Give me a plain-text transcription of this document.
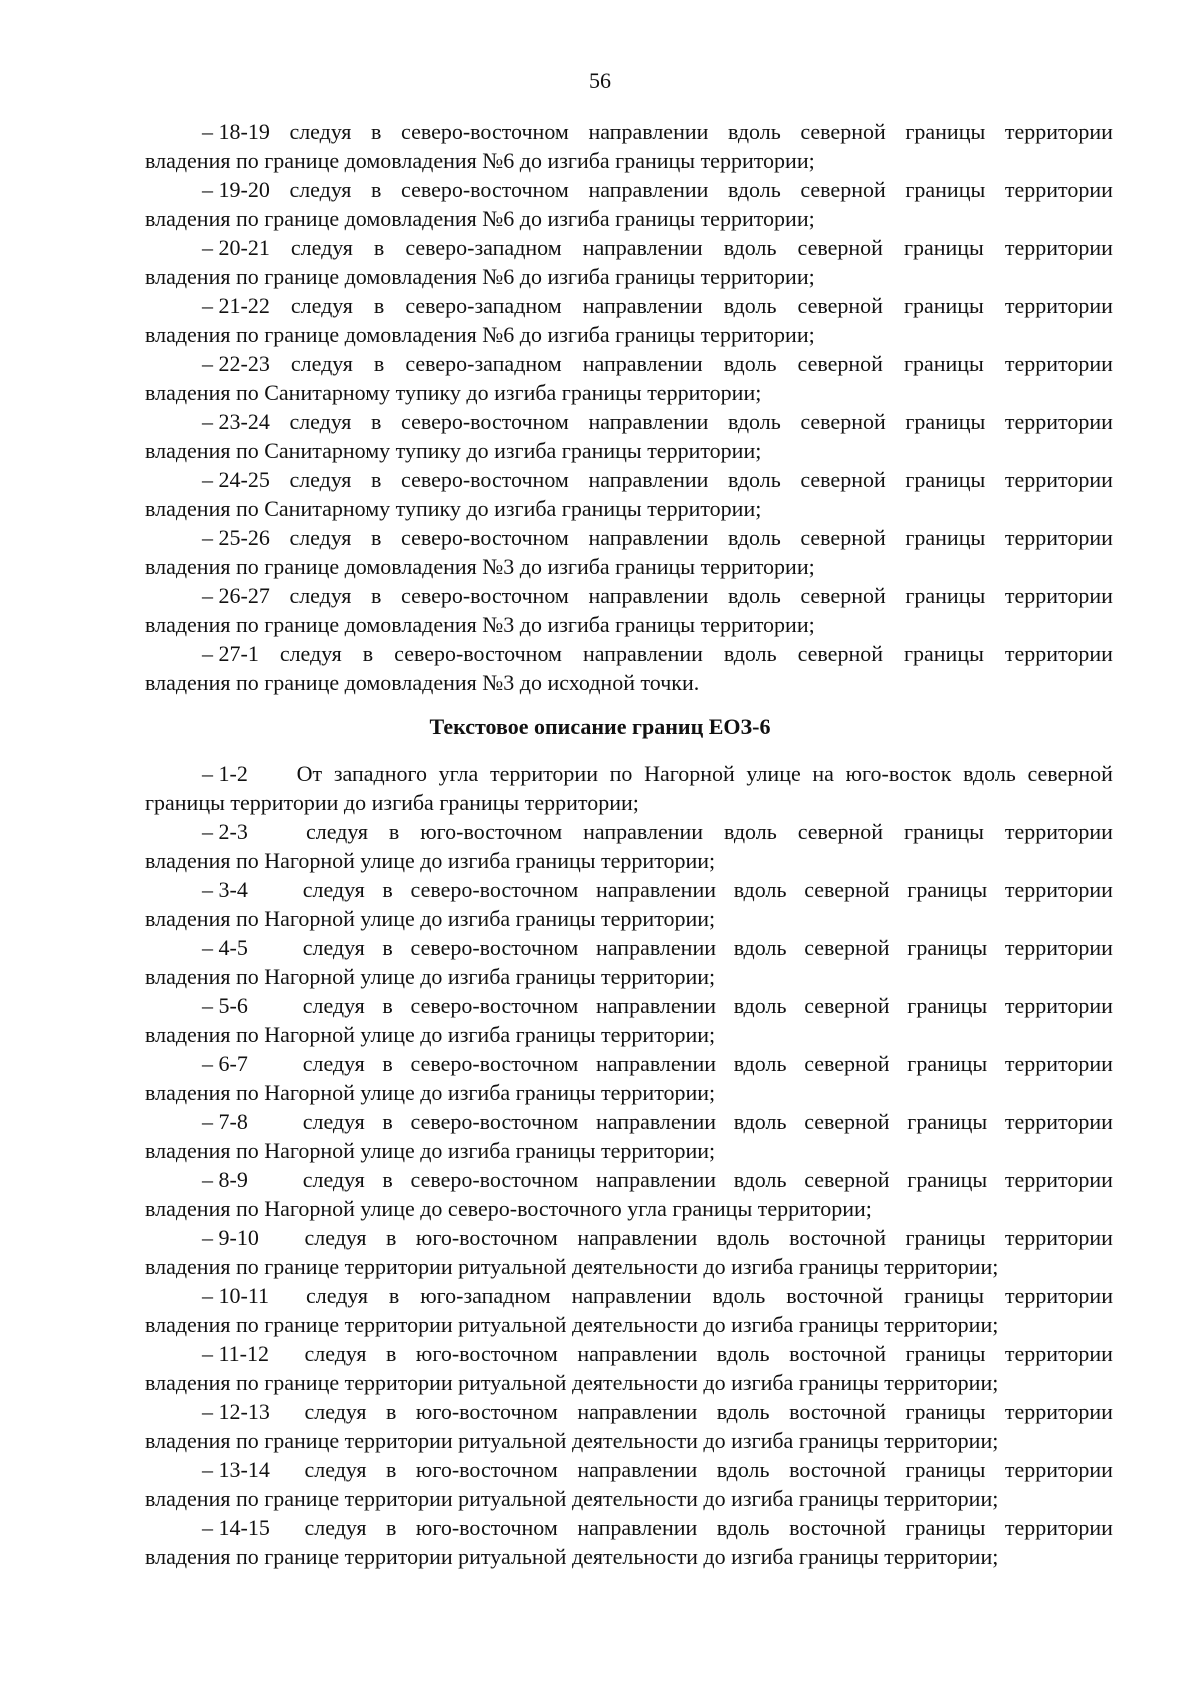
56
– 18-19 следуя в северо-восточном направлении вдоль северной границы территории
владения по границе домовладения №6 до изгиба границы территории;
– 19-20 следуя в северо-восточном направлении вдоль северной границы территории
владения по границе домовладения №6 до изгиба границы территории;
– 20-21 следуя в северо-западном направлении вдоль северной границы территории
владения по границе домовладения №6 до изгиба границы территории;
– 21-22 следуя в северо-западном направлении вдоль северной границы территории
владения по границе домовладения №6 до изгиба границы территории;
– 22-23 следуя в северо-западном направлении вдоль северной границы территории
владения по Санитарному тупику до изгиба границы территории;
– 23-24 следуя в северо-восточном направлении вдоль северной границы территории
владения по Санитарному тупику до изгиба границы территории;
– 24-25 следуя в северо-восточном направлении вдоль северной границы территории
владения по Санитарному тупику до изгиба границы территории;
– 25-26 следуя в северо-восточном направлении вдоль северной границы территории
владения по границе домовладения №3 до изгиба границы территории;
– 26-27 следуя в северо-восточном направлении вдоль северной границы территории
владения по границе домовладения №3 до изгиба границы территории;
– 27-1 следуя в северо-восточном направлении вдоль северной границы территории
владения по границе домовладения №3 до исходной точки.
Текстовое описание границ ЕОЗ-6
– 1-2	От западного угла территории по Нагорной улице на юго-восток вдоль северной
границы территории до изгиба границы территории;
– 2-3	следуя в юго-восточном направлении вдоль северной границы территории
владения по Нагорной улице до изгиба границы территории;
– 3-4	следуя в северо-восточном направлении вдоль северной границы территории
владения по Нагорной улице до изгиба границы территории;
– 4-5	следуя в северо-восточном направлении вдоль северной границы территории
владения по Нагорной улице до изгиба границы территории;
– 5-6	следуя в северо-восточном направлении вдоль северной границы территории
владения по Нагорной улице до изгиба границы территории;
– 6-7	следуя в северо-восточном направлении вдоль северной границы территории
владения по Нагорной улице до изгиба границы территории;
– 7-8	следуя в северо-восточном направлении вдоль северной границы территории
владения по Нагорной улице до изгиба границы территории;
– 8-9	следуя в северо-восточном направлении вдоль северной границы территории
владения по Нагорной улице до северо-восточного угла границы территории;
– 9-10	следуя в юго-восточном направлении вдоль восточной границы территории
владения по границе территории ритуальной деятельности до изгиба границы территории;
– 10-11	следуя в юго-западном направлении вдоль восточной границы территории
владения по границе территории ритуальной деятельности до изгиба границы территории;
– 11-12	следуя в юго-восточном направлении вдоль восточной границы территории
владения по границе территории ритуальной деятельности до изгиба границы территории;
– 12-13	следуя в юго-восточном направлении вдоль восточной границы территории
владения по границе территории ритуальной деятельности до изгиба границы территории;
– 13-14	следуя в юго-восточном направлении вдоль восточной границы территории
владения по границе территории ритуальной деятельности до изгиба границы территории;
– 14-15	следуя в юго-восточном направлении вдоль восточной границы территории
владения по границе территории ритуальной деятельности до изгиба границы территории;
